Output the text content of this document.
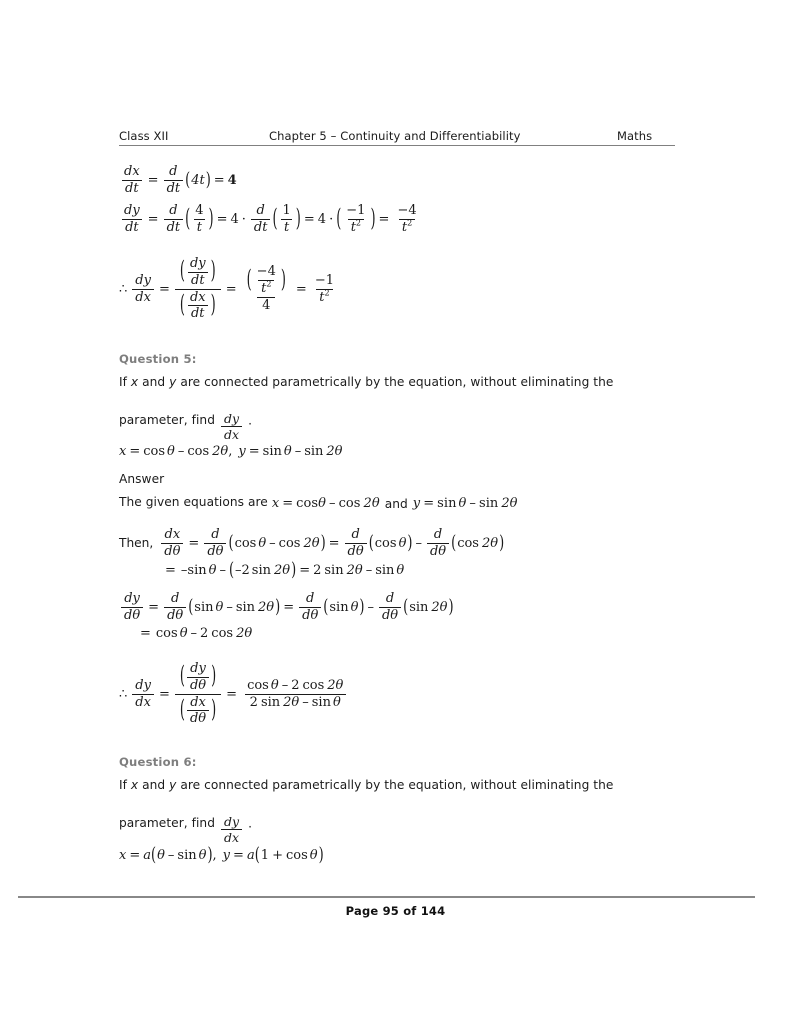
Class XII	Chapter 5 – Continuity and Differentiability	Maths
$\frac{dx}{dt} = \frac{d}{dt}$ ( 4t ) = 4
$\frac{dy}{dt} = \frac{d}{dt}$ ( $\frac{4}{t}$ ) = $4 \cdot \frac{d}{dt}$ ( $\frac{1}{t}$ ) = 4 · ( $\frac{-1}{t^2}$ ) = $\frac{-4}{t^2}$
∴ $\frac{dy}{dx} = \frac{( \frac{dy}{dt} )}{( \frac{dx}{dt} )} = \frac{( \frac{-4}{t^2} )}{4} = \frac{-1}{t^2}$
Question 5:
If x and y are connected parametrically by the equation, without eliminating the
parameter, find $\frac{dy}{dx}$ .
x = cos θ – cos 2θ , y = sin θ – sin 2θ
Answer
The given equations are x = cos θ – cos 2θ and y = sin θ – sin 2θ
Then, $\frac{dx}{d\theta} = \frac{d}{d\theta}$ ( cos θ – cos 2θ ) = $\frac{d}{d\theta}$ ( cos θ ) – $\frac{d}{d\theta}$ ( cos 2θ )
= – sin θ – ( –2 sin 2θ ) = 2 sin 2θ – sin θ
$\frac{dy}{d\theta} = \frac{d}{d\theta}$ ( sin θ – sin 2θ ) = $\frac{d}{d\theta}$ ( sin θ ) – $\frac{d}{d\theta}$ ( sin 2θ )
= cos θ – 2 cos 2θ
∴ $\frac{dy}{dx} = \frac{( \frac{dy}{d\theta} )}{( \frac{dx}{d\theta} )} = \frac{\text{cos θ – 2 cos 2θ}}{\text{2 sin 2θ – sin θ}}$
Question 6:
If x and y are connected parametrically by the equation, without eliminating the
parameter, find $\frac{dy}{dx}$ .
x = a ( θ – sin θ ) , y = a ( 1 + cos θ )
Page 95 of 144
